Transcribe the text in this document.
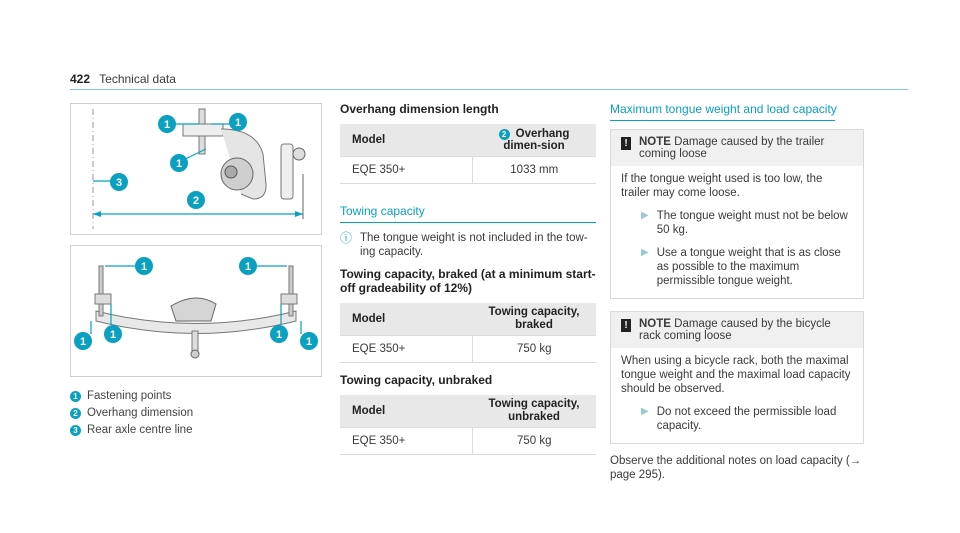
422 Technical data
1	1
1
3
2
1	1
1
1	1
1
1 Fastening points
2 Overhang dimension
3 Rear axle centre line
Overhang dimension length
Model	2 Overhang dimen-sion
EQE 350+	1033 mm
Towing capacity
ⓘ The tongue weight is not included in the tow-ing capacity.
Towing capacity, braked (at a minimum start-off gradeability of 12%)
Model	Towing capacity, braked
EQE 350+	750 kg
Towing capacity, unbraked
Model	Towing capacity, unbraked
EQE 350+	750 kg
Maximum tongue weight and load capacity
! NOTE Damage caused by the trailer coming loose
If the tongue weight used is too low, the trailer may come loose.
▶ The tongue weight must not be below 50 kg.
▶ Use a tongue weight that is as close as possible to the maximum permissible tongue weight.
! NOTE Damage caused by the bicycle rack coming loose
When using a bicycle rack, both the maximal tongue weight and the maximal load capacity should be observed.
▶ Do not exceed the permissible load capacity.
Observe the additional notes on load capacity (→ page 295).
